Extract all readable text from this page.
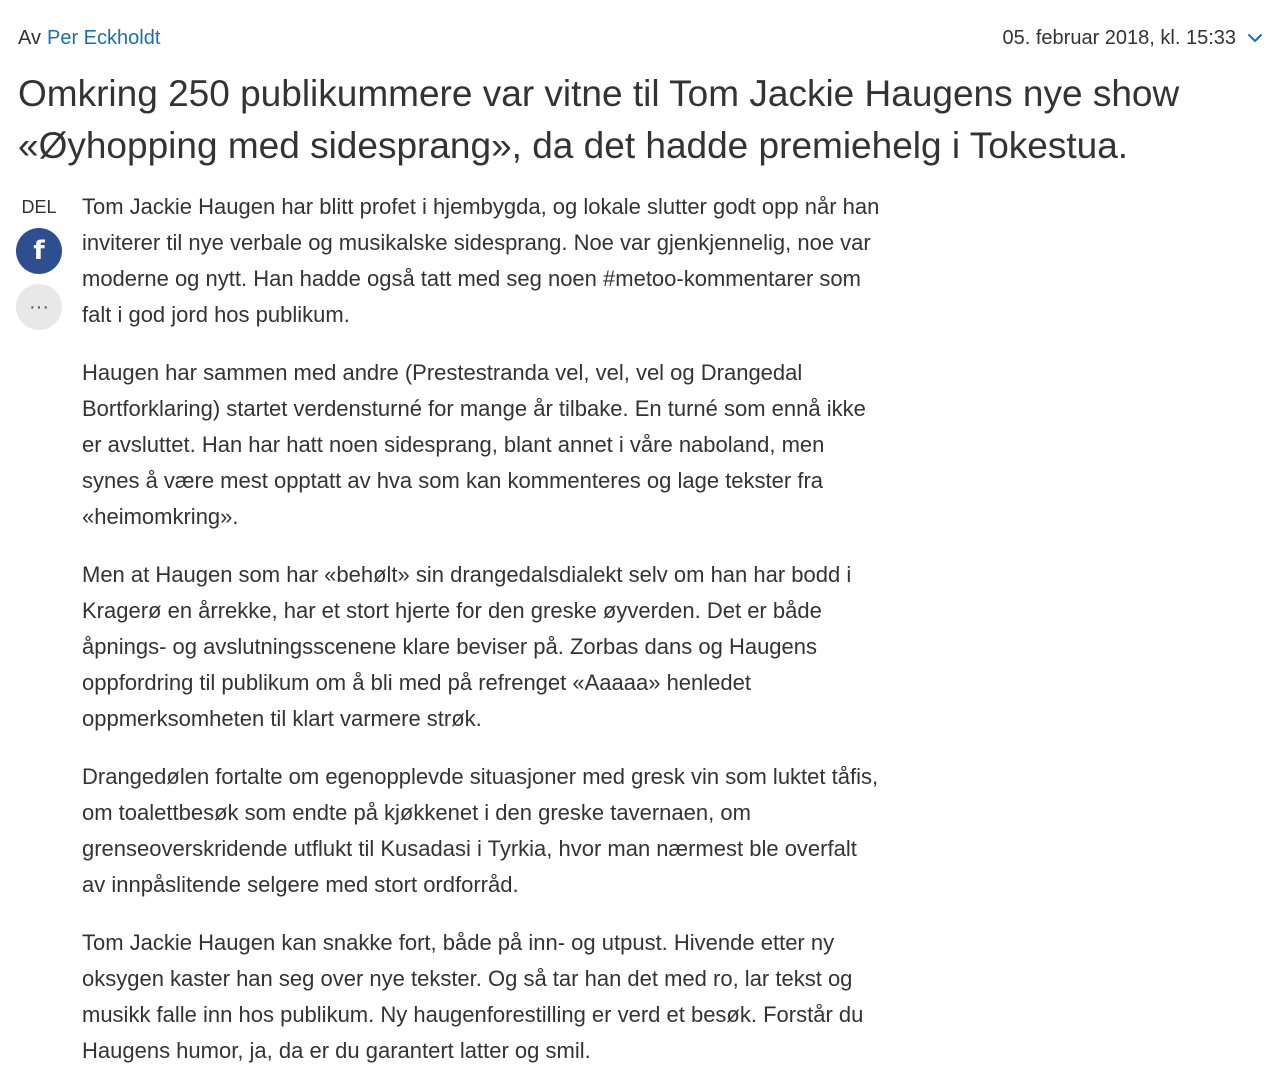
Av Per Eckholdt	05. februar 2018, kl. 15:33
Omkring 250 publikummere var vitne til Tom Jackie Haugens nye show «Øyhopping med sidesprang», da det hadde premiehelg i Tokestua.
DEL
f
···

Tom Jackie Haugen har blitt profet i hjembygda, og lokale slutter godt opp når han inviterer til nye verbale og musikalske sidesprang. Noe var gjenkjennelig, noe var moderne og nytt. Han hadde også tatt med seg noen #metoo-kommentarer som falt i god jord hos publikum.

Haugen har sammen med andre (Prestestranda vel, vel, vel og Drangedal Bortforklaring) startet verdensturné for mange år tilbake. En turné som ennå ikke er avsluttet. Han har hatt noen sidesprang, blant annet i våre naboland, men synes å være mest opptatt av hva som kan kommenteres og lage tekster fra «heimomkring».

Men at Haugen som har «behølt» sin drangedalsdialekt selv om han har bodd i Kragerø en årrekke, har et stort hjerte for den greske øyverden. Det er både åpnings- og avslutningsscenene klare beviser på. Zorbas dans og Haugens oppfordring til publikum om å bli med på refrenget «Aaaaa» henledet oppmerksomheten til klart varmere strøk.

Drangedølen fortalte om egenopplevde situasjoner med gresk vin som luktet tåfis, om toalettbesøk som endte på kjøkkenet i den greske tavernaen, om grenseoverskridende utflukt til Kusadasi i Tyrkia, hvor man nærmest ble overfalt av innpåslitende selgere med stort ordforråd.

Tom Jackie Haugen kan snakke fort, både på inn- og utpust. Hivende etter ny oksygen kaster han seg over nye tekster. Og så tar han det med ro, lar tekst og musikk falle inn hos publikum. Ny haugenforestilling er verd et besøk. Forstår du Haugens humor, ja, da er du garantert latter og smil.
